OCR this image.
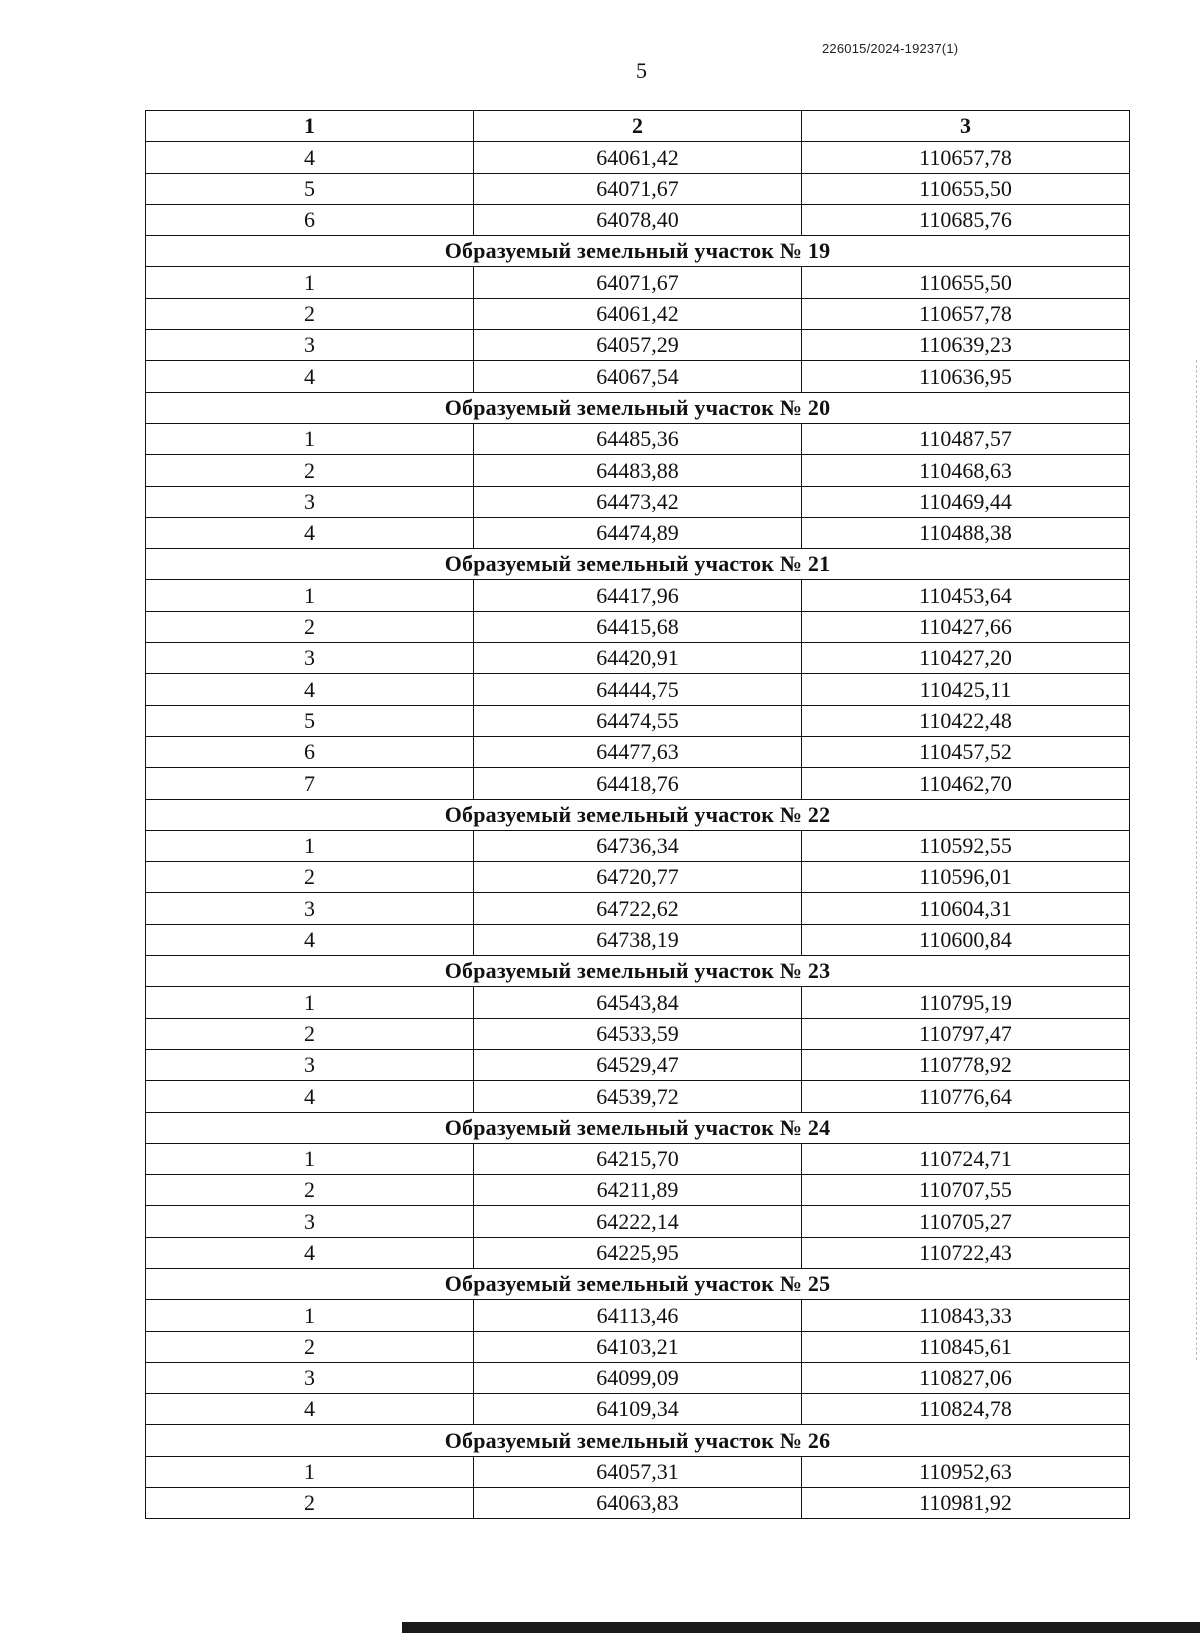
226015/2024-19237(1)
5
1	2	3
4	64061,42	110657,78
5	64071,67	110655,50
6	64078,40	110685,76
Образуемый земельный участок № 19		
1	64071,67	110655,50
2	64061,42	110657,78
3	64057,29	110639,23
4	64067,54	110636,95
Образуемый земельный участок № 20		
1	64485,36	110487,57
2	64483,88	110468,63
3	64473,42	110469,44
4	64474,89	110488,38
Образуемый земельный участок № 21		
1	64417,96	110453,64
2	64415,68	110427,66
3	64420,91	110427,20
4	64444,75	110425,11
5	64474,55	110422,48
6	64477,63	110457,52
7	64418,76	110462,70
Образуемый земельный участок № 22		
1	64736,34	110592,55
2	64720,77	110596,01
3	64722,62	110604,31
4	64738,19	110600,84
Образуемый земельный участок № 23		
1	64543,84	110795,19
2	64533,59	110797,47
3	64529,47	110778,92
4	64539,72	110776,64
Образуемый земельный участок № 24		
1	64215,70	110724,71
2	64211,89	110707,55
3	64222,14	110705,27
4	64225,95	110722,43
Образуемый земельный участок № 25		
1	64113,46	110843,33
2	64103,21	110845,61
3	64099,09	110827,06
4	64109,34	110824,78
Образуемый земельный участок № 26		
1	64057,31	110952,63
2	64063,83	110981,92
